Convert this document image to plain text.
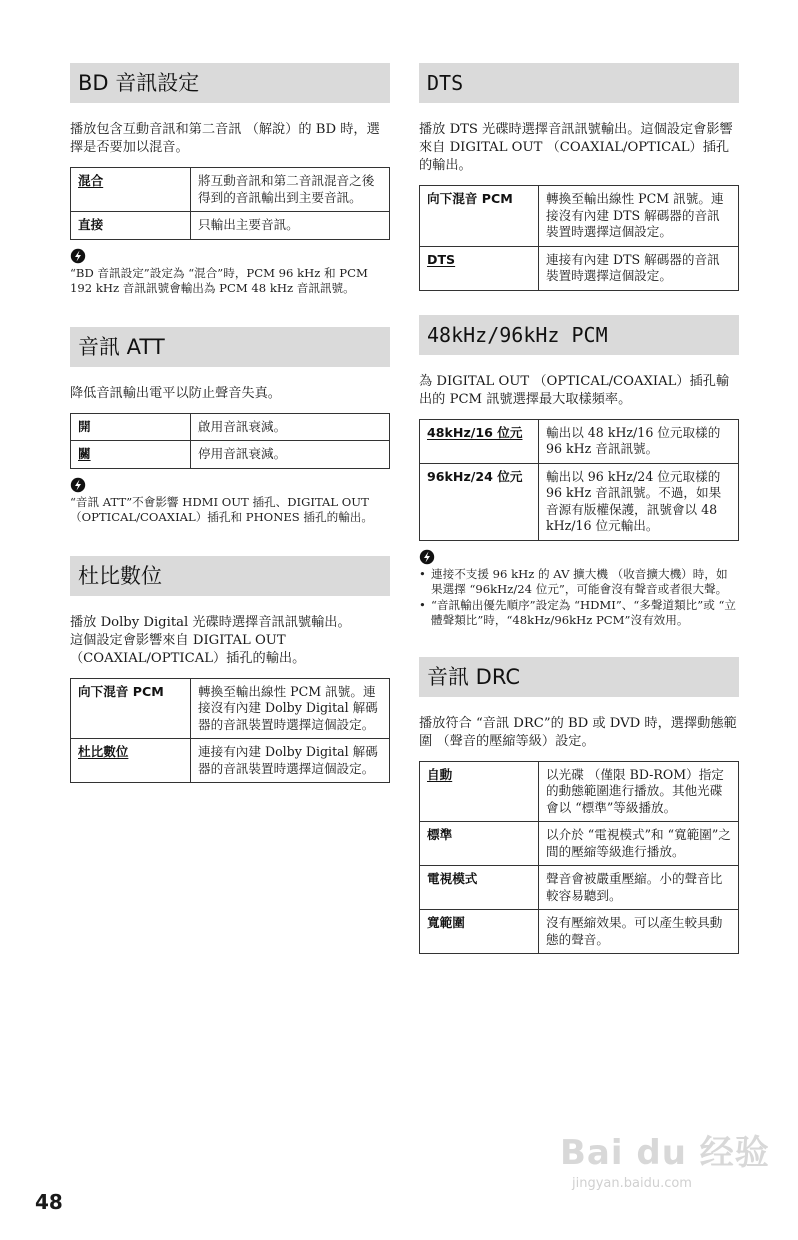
BD 音訊設定

播放包含互動音訊和第二音訊 （解說）的 BD 時，選擇是否要加以混音。

混合	將互動音訊和第二音訊混音之後得到的音訊輸出到主要音訊。
直接	只輸出主要音訊。
“BD 音訊設定”設定為 “混合”時，PCM 96 kHz 和 PCM 192 kHz 音訊訊號會輸出為 PCM 48 kHz 音訊訊號。
音訊 ATT

降低音訊輸出電平以防止聲音失真。

開	啟用音訊衰減。
關	停用音訊衰減。
“音訊 ATT”不會影響 HDMI OUT 插孔、DIGITAL OUT （OPTICAL/COAXIAL）插孔和 PHONES 插孔的輸出。
杜比數位

播放 Dolby Digital 光碟時選擇音訊訊號輸出。

這個設定會影響來自 DIGITAL OUT （COAXIAL/OPTICAL）插孔的輸出。

向下混音 PCM	轉換至輸出線性 PCM 訊號。連接沒有內建 Dolby Digital 解碼器的音訊裝置時選擇這個設定。
杜比數位	連接有內建 Dolby Digital 解碼器的音訊裝置時選擇這個設定。
DTS

播放 DTS 光碟時選擇音訊訊號輸出。這個設定會影響來自 DIGITAL OUT （COAXIAL/OPTICAL）插孔的輸出。

向下混音 PCM	轉換至輸出線性 PCM 訊號。連接沒有內建 DTS 解碼器的音訊裝置時選擇這個設定。
DTS	連接有內建 DTS 解碼器的音訊裝置時選擇這個設定。
48kHz/96kHz PCM

為 DIGITAL OUT （OPTICAL/COAXIAL）插孔輸出的 PCM 訊號選擇最大取樣頻率。

48kHz/16 位元	輸出以 48 kHz/16 位元取樣的 96 kHz 音訊訊號。
96kHz/24 位元	輸出以 96 kHz/24 位元取樣的 96 kHz 音訊訊號。不過，如果音源有版權保護，訊號會以 48 kHz/16 位元輸出。
• 連接不支援 96 kHz 的 AV 擴大機 （收音擴大機）時，如果選擇 “96kHz/24 位元”，可能會沒有聲音或者很大聲。
• “音訊輸出優先順序”設定為 “HDMI”、“多聲道類比”或 “立體聲類比”時，“48kHz/96kHz PCM”沒有效用。
音訊 DRC

播放符合 “音訊 DRC”的 BD 或 DVD 時，選擇動態範圍 （聲音的壓縮等級）設定。

自動	以光碟 （僅限 BD-ROM）指定的動態範圍進行播放。其他光碟會以 “標準”等級播放。
標準	以介於 “電視模式”和 “寬範圍”之間的壓縮等級進行播放。
電視模式	聲音會被嚴重壓縮。小的聲音比較容易聽到。
寬範圍	沒有壓縮效果。可以產生較具動態的聲音。
48
Bai du 经验
jingyan.baidu.com
